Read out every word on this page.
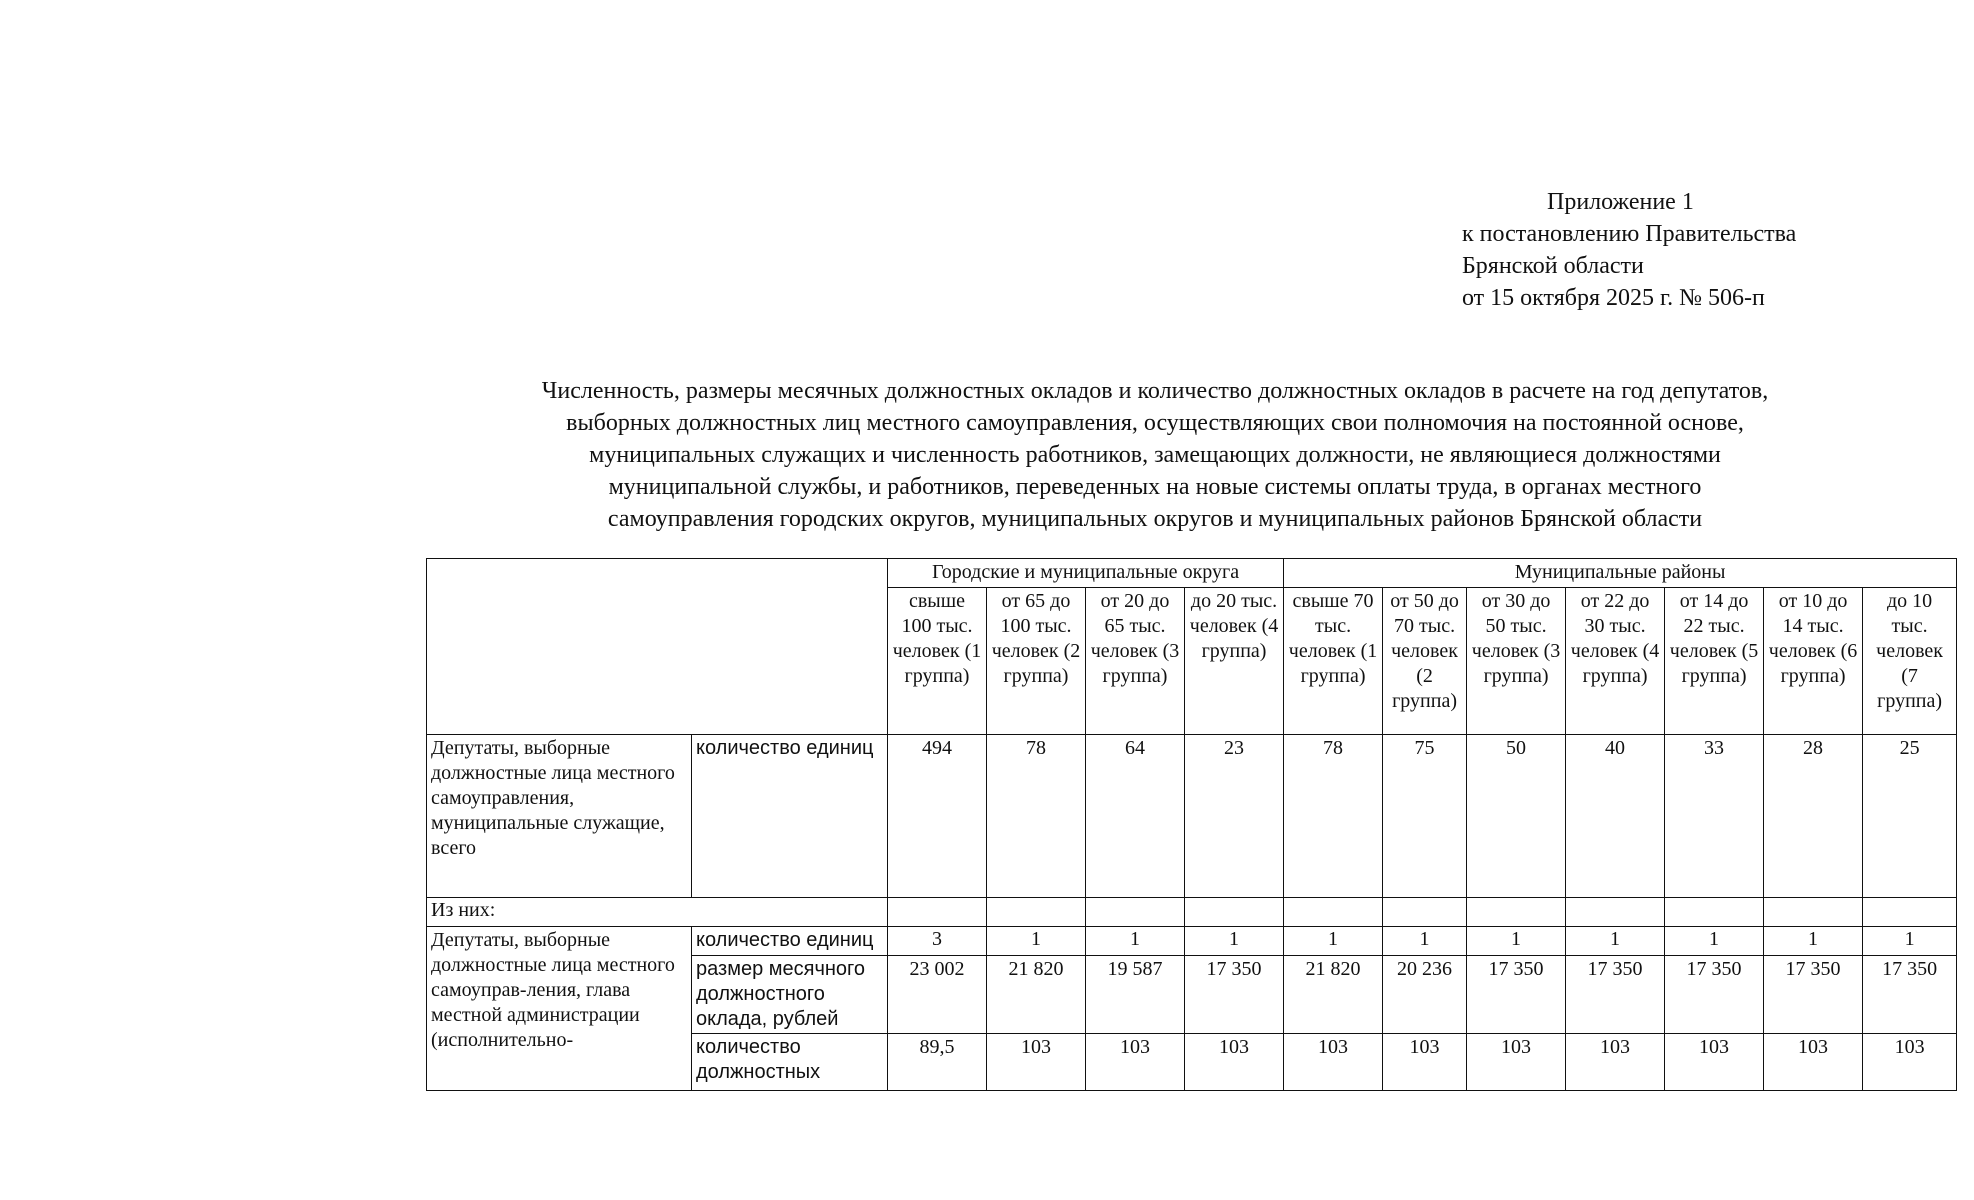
Приложение 1
к постановлению Правительства
Брянской области
от 15 октября 2025 г. № 506-п
Численность, размеры месячных должностных окладов и количество должностных окладов в расчете на год депутатов,
выборных должностных лиц местного самоуправления, осуществляющих свои полномочия на постоянной основе,
муниципальных служащих и численность работников, замещающих должности, не являющиеся должностями
муниципальной службы, и работников, переведенных на новые системы оплаты труда, в органах местного
самоуправления городских округов, муниципальных округов и муниципальных районов Брянской области
		Городские и муниципальные округа				Муниципальные районы						
		свыше 100 тыс. человек (1 группа)	от 65 до 100 тыс. человек (2 группа)	от 20 до 65 тыс. человек (3 группа)	до 20 тыс. человек (4 группа)	свыше 70 тыс. человек (1 группа)	от 50 до 70 тыс. человек (2 группа)	от 30 до 50 тыс. человек (3 группа)	от 22 до 30 тыс. человек (4 группа)	от 14 до 22 тыс. человек (5 группа)	от 10 до 14 тыс. человек (6 группа)	до 10 тыс. человек (7 группа)
Депутаты, выборные должностные лица местного самоуправления, муниципальные служащие, всего	количество единиц	494	78	64	23	78	75	50	40	33	28	25
Из них:												
Депутаты, выборные должностные лица местного самоуправ-ления, глава местной администрации (исполнительно-	количество единиц	3	1	1	1	1	1	1	1	1	1	1
	размер месячного должностного оклада, рублей	23 002	21 820	19 587	17 350	21 820	20 236	17 350	17 350	17 350	17 350	17 350
	количество должностных	89,5	103	103	103	103	103	103	103	103	103	103
